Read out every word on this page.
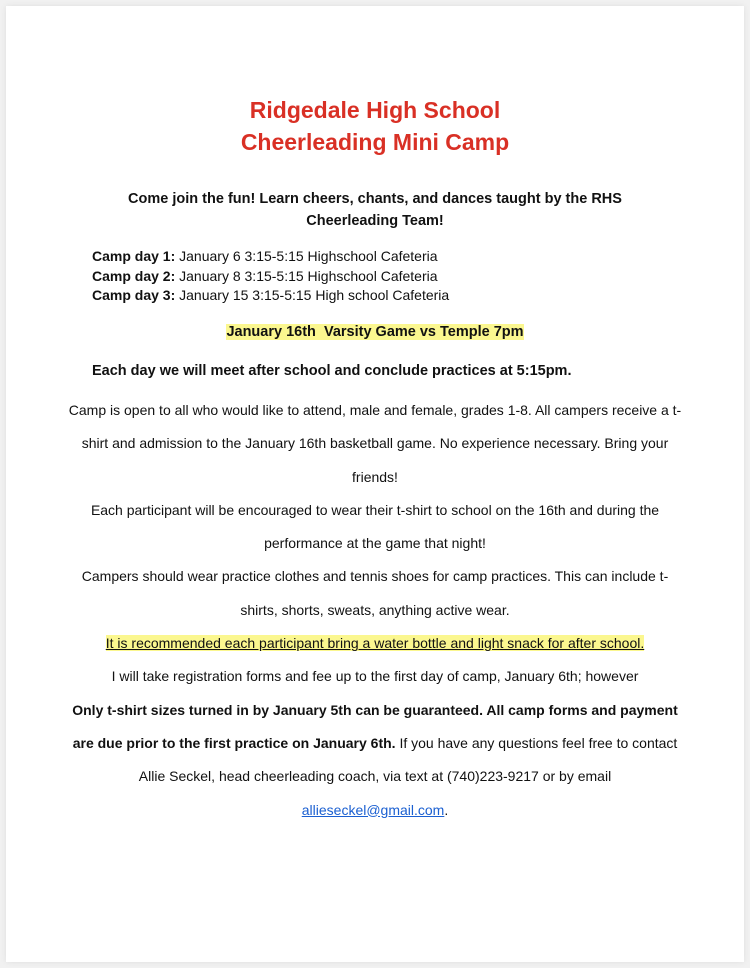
Ridgedale High School
Cheerleading Mini Camp
Come join the fun! Learn cheers, chants, and dances taught by the RHS Cheerleading Team!
Camp day 1: January 6 3:15-5:15 Highschool Cafeteria
Camp day 2: January 8 3:15-5:15 Highschool Cafeteria
Camp day 3: January 15 3:15-5:15 High school Cafeteria
January 16th  Varsity Game vs Temple 7pm
Each day we will meet after school and conclude practices at 5:15pm.

Camp is open to all who would like to attend, male and female, grades 1-8. All campers receive a t-shirt and admission to the January 16th basketball game. No experience necessary. Bring your friends!

Each participant will be encouraged to wear their t-shirt to school on the 16th and during the performance at the game that night!

Campers should wear practice clothes and tennis shoes for camp practices. This can include t-shirts, shorts, sweats, anything active wear.

It is recommended each participant bring a water bottle and light snack for after school.

I will take registration forms and fee up to the first day of camp, January 6th; however

Only t-shirt sizes turned in by January 5th can be guaranteed. All camp forms and payment are due prior to the first practice on January 6th. If you have any questions feel free to contact Allie Seckel, head cheerleading coach, via text at (740)223-9217 or by email allieseckel@gmail.com.
